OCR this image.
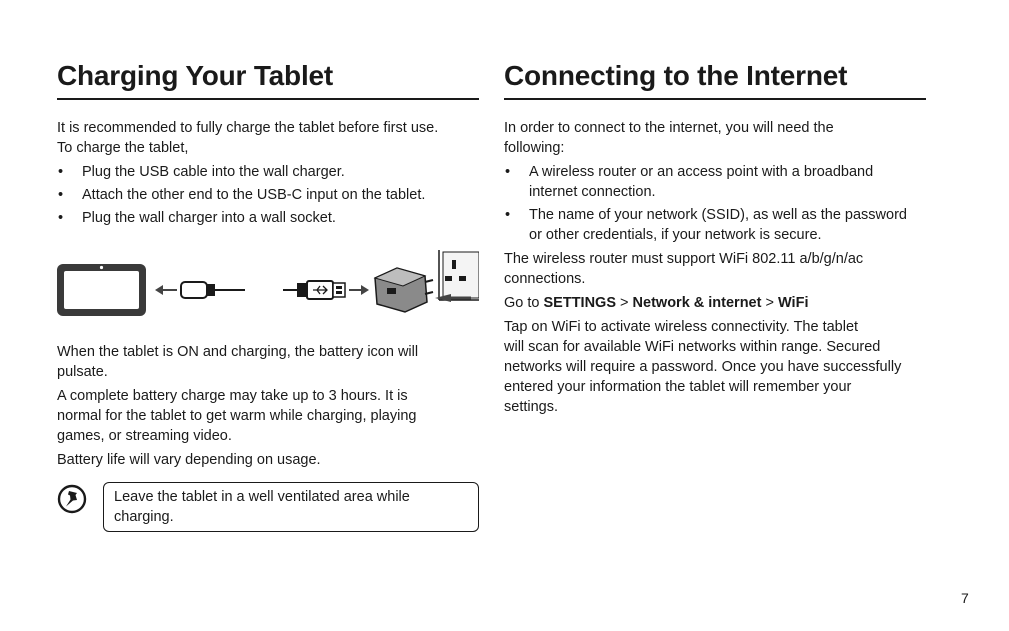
Charging Your Tablet

It is recommended to fully charge the tablet before first use.
To charge the tablet,

• Plug the USB cable into the wall charger.
• Attach the other end to the USB-C input on the tablet.
• Plug the wall charger into a wall socket.

When the tablet is ON and charging, the battery icon will
pulsate.

A complete battery charge may take up to 3 hours. It is
normal for the tablet to get warm while charging, playing
games, or streaming video.

Battery life will vary depending on usage.

Leave the tablet in a well ventilated area while
charging.
Connecting to the Internet

In order to connect to the internet, you will need the
following:

• A wireless router or an access point with a broadband
internet connection.
• The name of your network (SSID), as well as the password
or other credentials, if your network is secure.

The wireless router must support WiFi 802.11 a/b/g/n/ac
connections.

Go to SETTINGS > Network & internet > WiFi

Tap on WiFi to activate wireless connectivity. The tablet
will scan for available WiFi networks within range. Secured
networks will require a password. Once you have successfully
entered your information the tablet will remember your
settings.

7
